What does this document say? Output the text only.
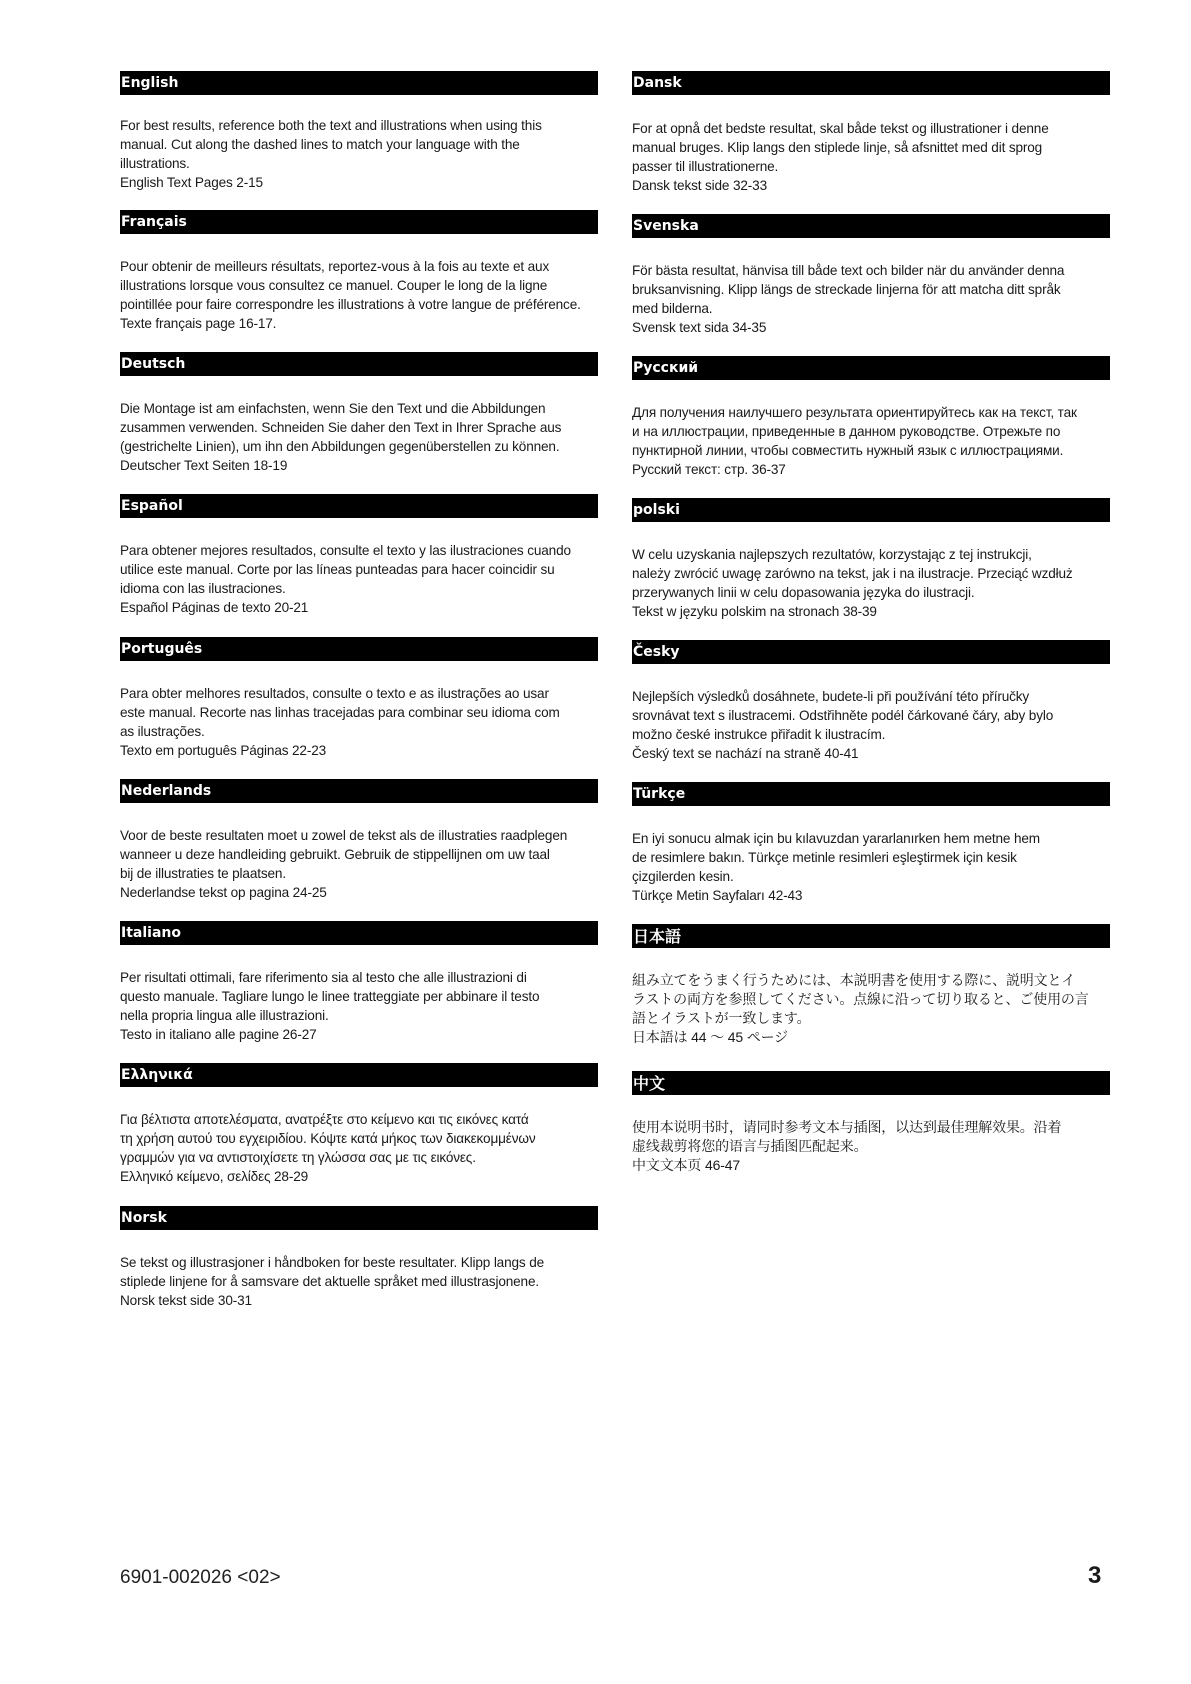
English

For best results, reference both the text and illustrations when using this

manual. Cut along the dashed lines to match your language with the

illustrations.

English Text Pages 2-15

Français

Pour obtenir de meilleurs résultats, reportez-vous à la fois au texte et aux

illustrations lorsque vous consultez ce manuel. Couper le long de la ligne

pointillée pour faire correspondre les illustrations à votre langue de préférence.

Texte français page 16-17.

Deutsch

Die Montage ist am einfachsten, wenn Sie den Text und die Abbildungen

zusammen verwenden. Schneiden Sie daher den Text in Ihrer Sprache aus

(gestrichelte Linien), um ihn den Abbildungen gegenüberstellen zu können.

Deutscher Text Seiten 18-19

Español

Para obtener mejores resultados, consulte el texto y las ilustraciones cuando

utilice este manual. Corte por las líneas punteadas para hacer coincidir su

idioma con las ilustraciones.

Español Páginas de texto 20-21

Português

Para obter melhores resultados, consulte o texto e as ilustrações ao usar

este manual. Recorte nas linhas tracejadas para combinar seu idioma com

as ilustrações.

Texto em português Páginas 22-23

Nederlands

Voor de beste resultaten moet u zowel de tekst als de illustraties raadplegen

wanneer u deze handleiding gebruikt. Gebruik de stippellijnen om uw taal

bij de illustraties te plaatsen.

Nederlandse tekst op pagina 24-25

Italiano

Per risultati ottimali, fare riferimento sia al testo che alle illustrazioni di

questo manuale. Tagliare lungo le linee tratteggiate per abbinare il testo

nella propria lingua alle illustrazioni.

Testo in italiano alle pagine 26-27

Ελληνικά

Για βέλτιστα αποτελέσματα, ανατρέξτε στο κείμενο και τις εικόνες κατά

τη χρήση αυτού του εγχειριδίου. Κόψτε κατά μήκος των διακεκομμένων

γραμμών για να αντιστοιχίσετε τη γλώσσα σας με τις εικόνες.

Ελληνικό κείμενο, σελίδες 28-29

Norsk

Se tekst og illustrasjoner i håndboken for beste resultater. Klipp langs de

stiplede linjene for å samsvare det aktuelle språket med illustrasjonene.

Norsk tekst side 30-31

Dansk

For at opnå det bedste resultat, skal både tekst og illustrationer i denne

manual bruges. Klip langs den stiplede linje, så afsnittet med dit sprog

passer til illustrationerne.

Dansk tekst side 32-33

Svenska

För bästa resultat, hänvisa till både text och bilder när du använder denna

bruksanvisning. Klipp längs de streckade linjerna för att matcha ditt språk

med bilderna.

Svensk text sida 34-35

Русский

Для получения наилучшего результата ориентируйтесь как на текст, так

и на иллюстрации, приведенные в данном руководстве. Отрежьте по

пунктирной линии, чтобы совместить нужный язык с иллюстрациями.

Русский текст: стр. 36-37

polski

W celu uzyskania najlepszych rezultatów, korzystając z tej instrukcji,

należy zwrócić uwagę zarówno na tekst, jak i na ilustracje. Przeciąć wzdłuż

przerywanych linii w celu dopasowania języka do ilustracji.

Tekst w języku polskim na stronach 38-39

Česky

Nejlepších výsledků dosáhnete, budete-li při používání této příručky

srovnávat text s ilustracemi. Odstřihněte podél čárkované čáry, aby bylo

možno české instrukce přiřadit k ilustracím.

Český text se nachází na straně 40-41

Türkçe

En iyi sonucu almak için bu kılavuzdan yararlanırken hem metne hem

de resimlere bakın. Türkçe metinle resimleri eşleştirmek için kesik

çizgilerden kesin.

Türkçe Metin Sayfaları 42-43

日本語

組み立てをうまく行うためには、本説明書を使用する際に、説明文とイ

ラストの両方を参照してください。点線に沿って切り取ると、ご使用の言

語とイラストが一致します。

日本語は 44 ～ 45 ページ

中文

使用本说明书时，请同时参考文本与插图，以达到最佳理解效果。沿着

虚线裁剪将您的语言与插图匹配起来。

中文文本页 46-47

6901-002026 <02>	3
